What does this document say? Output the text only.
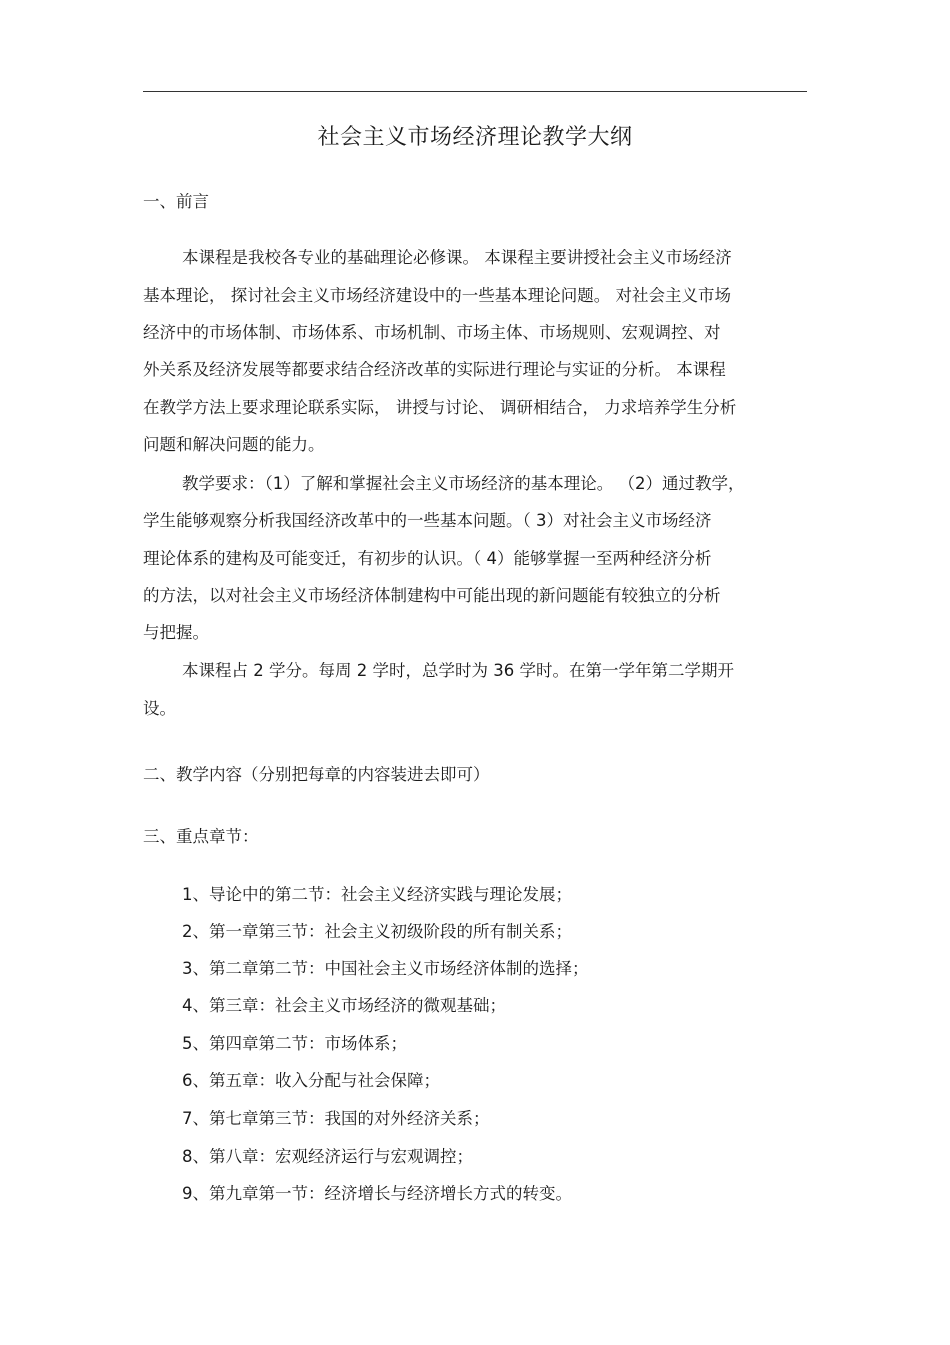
社会主义市场经济理论教学大纲
一、前言

本课程是我校各专业的基础理论必修课。 本课程主要讲授社会主义市场经济

基本理论， 探讨社会主义市场经济建设中的一些基本理论问题。 对社会主义市场

经济中的市场体制、市场体系、市场机制、市场主体、市场规则、宏观调控、对

外关系及经济发展等都要求结合经济改革的实际进行理论与实证的分析。 本课程

在教学方法上要求理论联系实际， 讲授与讨论、 调研相结合， 力求培养学生分析

问题和解决问题的能力。

教学要求：（1）了解和掌握社会主义市场经济的基本理论。 （2）通过教学，

学生能够观察分析我国经济改革中的一些基本问题。（ 3）对社会主义市场经济

理论体系的建构及可能变迁，有初步的认识。（ 4）能够掌握一至两种经济分析

的方法，以对社会主义市场经济体制建构中可能出现的新问题能有较独立的分析

与把握。

本课程占 2 学分。每周 2 学时，总学时为 36 学时。在第一学年第二学期开

设。

二、教学内容（分别把每章的内容装进去即可）
三、重点章节：

1、导论中的第二节：社会主义经济实践与理论发展；

2、第一章第三节：社会主义初级阶段的所有制关系；

3、第二章第二节：中国社会主义市场经济体制的选择；

4、第三章：社会主义市场经济的微观基础；

5、第四章第二节：市场体系；

6、第五章：收入分配与社会保障；

7、第七章第三节：我国的对外经济关系；

8、第八章：宏观经济运行与宏观调控；

9、第九章第一节：经济增长与经济增长方式的转变。
